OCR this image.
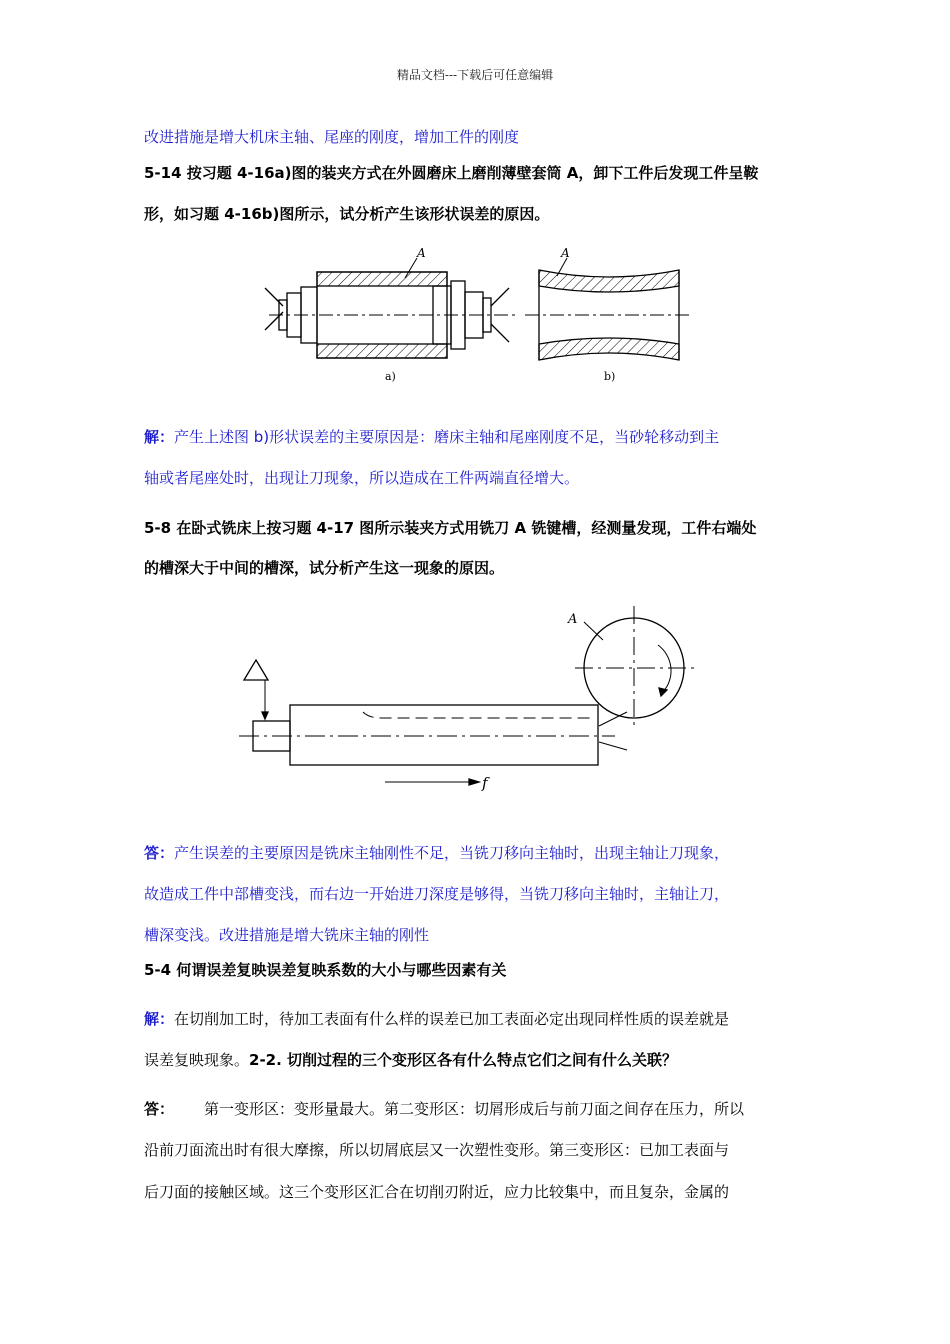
精品文档---下载后可任意编辑
改进措施是增大机床主轴、尾座的刚度，增加工件的刚度
5-14 按习题 4-16a)图的装夹方式在外圆磨床上磨削薄壁套筒 A，卸下工件后发现工件呈鞍
形，如习题 4-16b)图所示，试分析产生该形状误差的原因。
A
a)
A
b)
解：产生上述图 b)形状误差的主要原因是：磨床主轴和尾座刚度不足，当砂轮移动到主
轴或者尾座处时，出现让刀现象，所以造成在工件两端直径增大。
5-8 在卧式铣床上按习题 4-17 图所示装夹方式用铣刀 A 铣键槽，经测量发现，工件右端处
的槽深大于中间的槽深，试分析产生这一现象的原因。
A
f
答：产生误差的主要原因是铣床主轴刚性不足，当铣刀移向主轴时，出现主轴让刀现象，
故造成工件中部槽变浅，而右边一开始进刀深度是够得，当铣刀移向主轴时，主轴让刀，
槽深变浅。改进措施是增大铣床主轴的刚性
5-4 何谓误差复映误差复映系数的大小与哪些因素有关
解：在切削加工时，待加工表面有什么样的误差已加工表面必定出现同样性质的误差就是
误差复映现象。2-2. 切削过程的三个变形区各有什么特点它们之间有什么关联？
答： 第一变形区：变形量最大。第二变形区：切屑形成后与前刀面之间存在压力，所以
沿前刀面流出时有很大摩擦，所以切屑底层又一次塑性变形。第三变形区：已加工表面与
后刀面的接触区域。这三个变形区汇合在切削刃附近，应力比较集中，而且复杂，金属的
